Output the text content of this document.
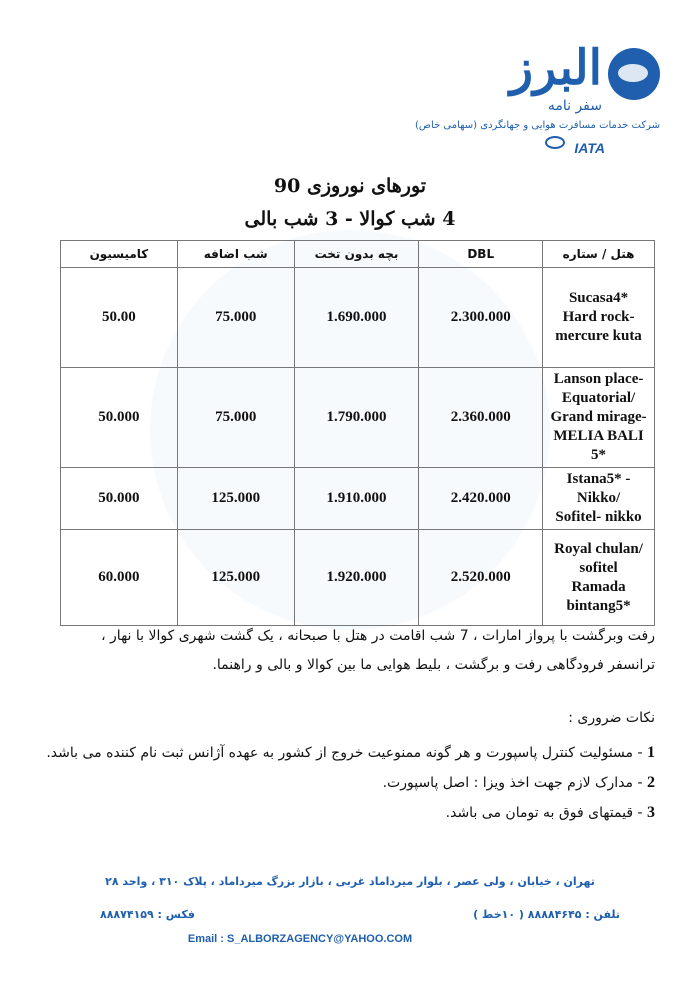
البرز
سفر نامه
شرکت خدمات مسافرت هوایی و جهانگردی (سهامی خاص)
IATA
تورهای نوروزی 90
4 شب کوالا - 3 شب بالی
هتل / ستاره	DBL	بچه بدون تخت	شب اضافه	کامیسیون

Sucasa4*
Hard rock-
mercure kuta	2.300.000	1.690.000	75.000	50.00

Lanson place-
Equatorial/
Grand mirage-
MELIA BALI
5*	2.360.000	1.790.000	75.000	50.000

Istana5* -
Nikko/
Sofitel- nikko	2.420.000	1.910.000	125.000	50.000

Royal chulan/
sofitel
Ramada
bintang5*	2.520.000	1.920.000	125.000	60.000
رفت وبرگشت با پرواز امارات ، 7 شب اقامت در هتل با صبحانه ، یک گشت شهری کوالا با نهار ،
ترانسفر فرودگاهی رفت و برگشت ، بلیط هوایی ما بین کوالا و بالی و راهنما.
نکات ضروری :
1 - مسئولیت کنترل پاسپورت و هر گونه ممنوعیت خروج از کشور به عهده آژانس ثبت نام کننده می باشد.
2 - مدارک لازم جهت اخذ ویزا : اصل پاسپورت.
3 - قیمتهای فوق به تومان می باشد.
تهران ، خیابان ، ولی عصر ، بلوار میرداماد غربی ، بازار بزرگ میرداماد ، پلاک ۳۱۰ ، واحد ۲۸
تلفن : ۸۸۸۸۴۶۴۵ ( ۱۰خط )
فکس : ۸۸۸۷۴۱۵۹
Email : S_ALBORZAGENCY@YAHOO.COM
